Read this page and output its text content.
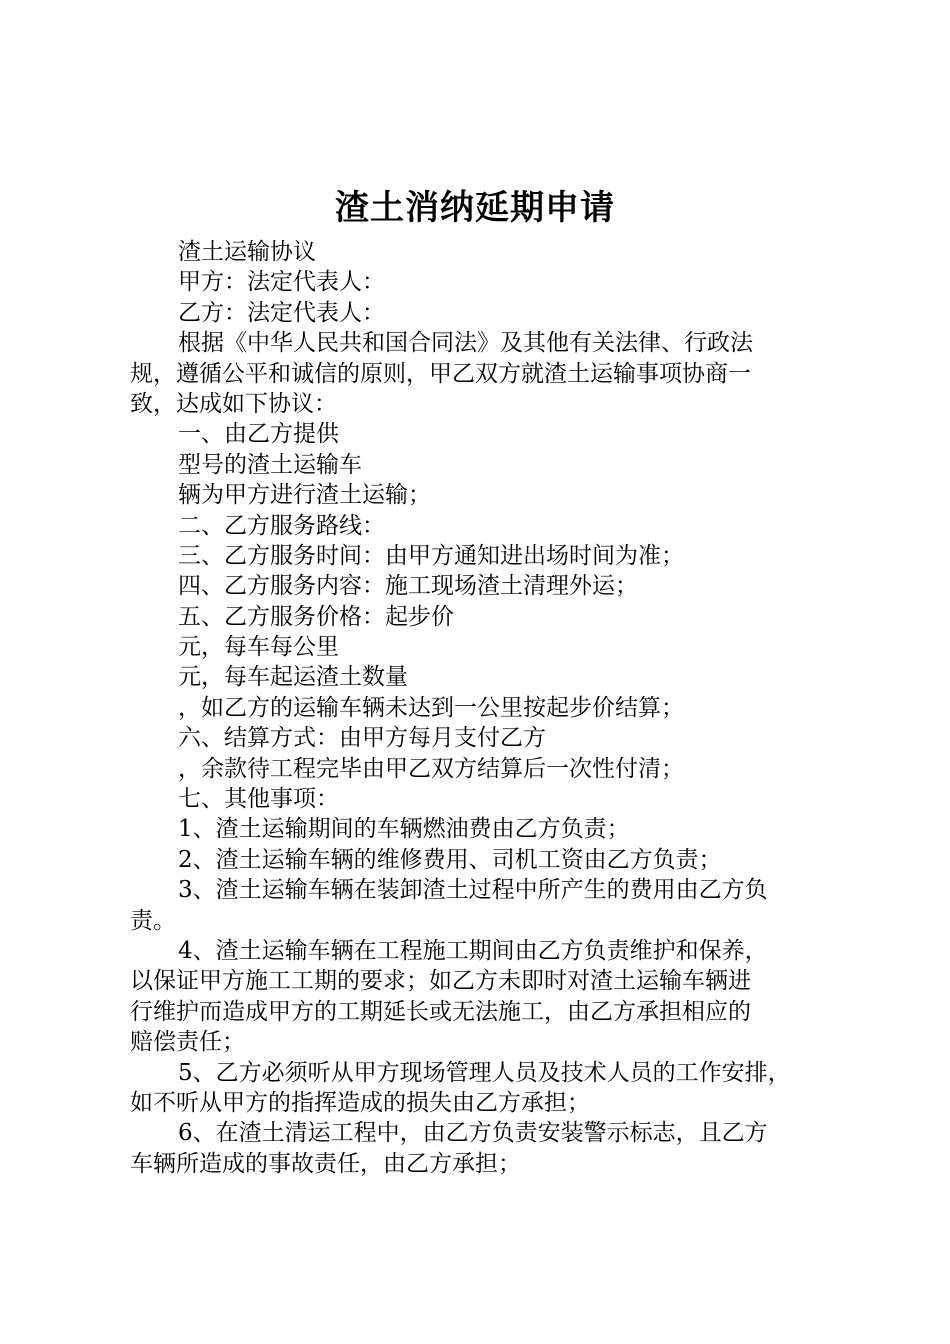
渣土消纳延期申请
渣土运输协议
甲方：法定代表人：
乙方：法定代表人：
根据《中华人民共和国合同法》及其他有关法律、行政法
规，遵循公平和诚信的原则，甲乙双方就渣土运输事项协商一
致，达成如下协议：
一、由乙方提供
型号的渣土运输车
辆为甲方进行渣土运输；
二、乙方服务路线：
三、乙方服务时间：由甲方通知进出场时间为准；
四、乙方服务内容：施工现场渣土清理外运；
五、乙方服务价格：起步价
元，每车每公里
元，每车起运渣土数量
，如乙方的运输车辆未达到一公里按起步价结算；
六、结算方式：由甲方每月支付乙方
，余款待工程完毕由甲乙双方结算后一次性付清；
七、其他事项：
1、渣土运输期间的车辆燃油费由乙方负责；
2、渣土运输车辆的维修费用、司机工资由乙方负责；
3、渣土运输车辆在装卸渣土过程中所产生的费用由乙方负
责。
4、渣土运输车辆在工程施工期间由乙方负责维护和保养，
以保证甲方施工工期的要求；如乙方未即时对渣土运输车辆进
行维护而造成甲方的工期延长或无法施工，由乙方承担相应的
赔偿责任；
5、乙方必须听从甲方现场管理人员及技术人员的工作安排，
如不听从甲方的指挥造成的损失由乙方承担；
6、在渣土清运工程中，由乙方负责安装警示标志，且乙方
车辆所造成的事故责任，由乙方承担；
